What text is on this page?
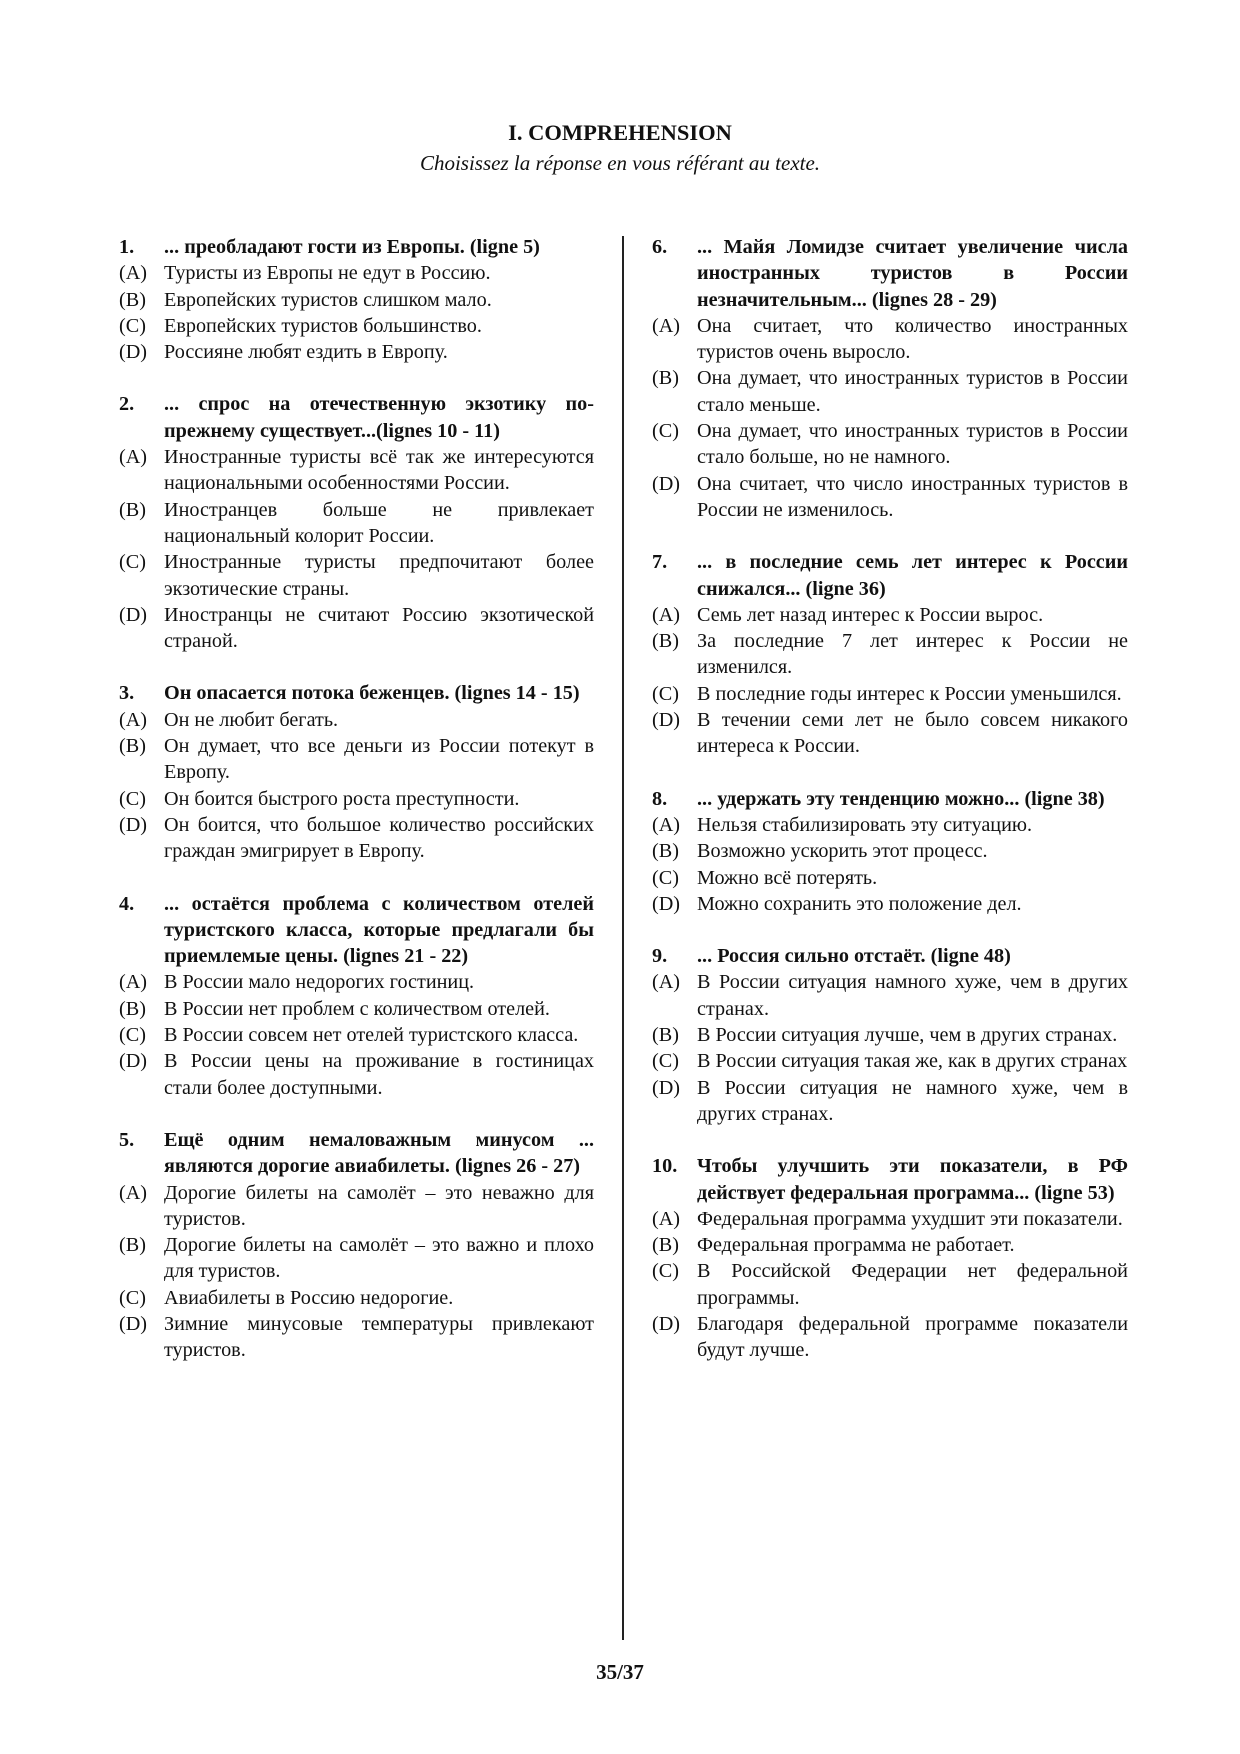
I. COMPREHENSION
Choisissez la réponse en vous référant au texte.
1.	... преобладают гости из Европы. (ligne 5)
(A) Туристы из Европы не едут в Россию.
(B) Европейских туристов слишком мало.
(C) Европейских туристов большинство.
(D) Россияне любят ездить в Европу.
2.	... спрос на отечественную экзотику по-прежнему существует...(lignes 10 - 11)
(A) Иностранные туристы всё так же интересуются национальными особенностями России.
(B) Иностранцев больше не привлекает национальный колорит России.
(C) Иностранные туристы предпочитают более экзотические страны.
(D) Иностранцы не считают Россию экзотической страной.
3.	Он опасается потока беженцев. (lignes 14 - 15)
(A) Он не любит бегать.
(B) Он думает, что все деньги из России потекут в Европу.
(C) Он боится быстрого роста преступности.
(D) Он боится, что большое количество российских граждан эмигрирует в Европу.
4.	... остаётся проблема с количеством отелей туристского класса, которые предлагали бы приемлемые цены. (lignes 21 - 22)
(A) В России мало недорогих гостиниц.
(B) В России нет проблем с количеством отелей.
(C) В России совсем нет отелей туристского класса.
(D) В России цены на проживание в гостиницах стали более доступными.
5.	Ещё одним немаловажным минусом ... являются дорогие авиабилеты. (lignes 26 - 27)
(A) Дорогие билеты на самолёт – это неважно для туристов.
(B) Дорогие билеты на самолёт – это важно и плохо для туристов.
(C) Авиабилеты в Россию недорогие.
(D) Зимние минусовые температуры привлекают туристов.
6.	... Майя Ломидзе считает увеличение числа иностранных туристов в России незначительным... (lignes 28 - 29)
(A) Она считает, что количество иностранных туристов очень выросло.
(B) Она думает, что иностранных туристов в России стало меньше.
(C) Она думает, что иностранных туристов в России стало больше, но не намного.
(D) Она считает, что число иностранных туристов в России не изменилось.
7.	... в последние семь лет интерес к России снижался... (ligne 36)
(A) Семь лет назад интерес к России вырос.
(B) За последние 7 лет интерес к России не изменился.
(C) В последние годы интерес к России уменьшился.
(D) В течении семи лет не было совсем никакого интереса к России.
8.	... удержать эту тенденцию можно... (ligne 38)
(A) Нельзя стабилизировать эту ситуацию.
(B) Возможно ускорить этот процесс.
(C) Можно всё потерять.
(D) Можно сохранить это положение дел.
9.	... Россия сильно отстаёт. (ligne 48)
(A) В России ситуация намного хуже, чем в других странах.
(B) В России ситуация лучше, чем в других странах.
(C) В России ситуация такая же, как в других странах
(D) В России ситуация не намного хуже, чем в других странах.
10. Чтобы улучшить эти показатели, в РФ действует федеральная программа... (ligne 53)
(A) Федеральная программа ухудшит эти показатели.
(B) Федеральная программа не работает.
(C) В Российской Федерации нет федеральной программы.
(D) Благодаря федеральной программе показатели будут лучше.
35/37
